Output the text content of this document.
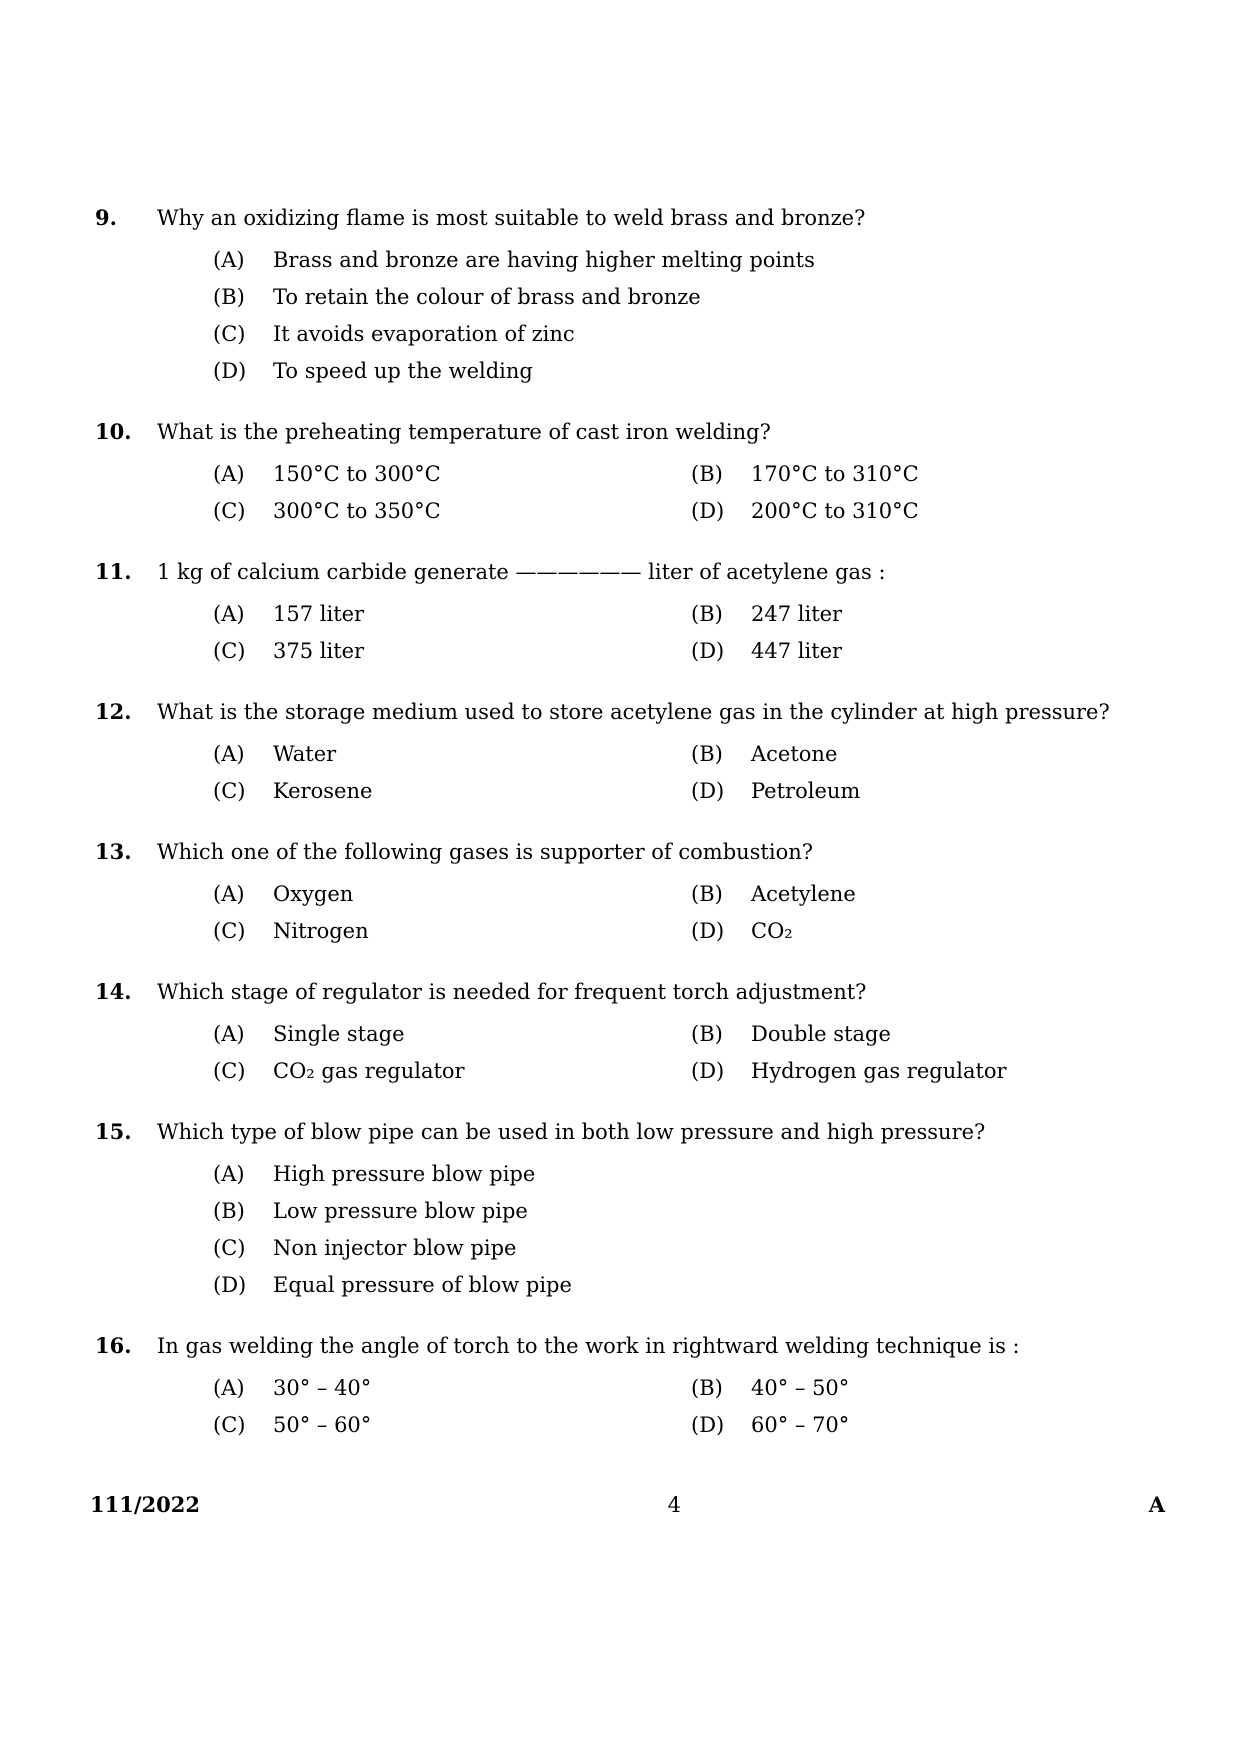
9.	Why an oxidizing flame is most suitable to weld brass and bronze?
(A)	Brass and bronze are having higher melting points
(B)	To retain the colour of brass and bronze
(C)	It avoids evaporation of zinc
(D)	To speed up the welding
10.	What is the preheating temperature of cast iron welding?
(A)	150°C to 300°C	(B)	170°C to 310°C
(C)	300°C to 350°C	(D)	200°C to 310°C
11.	1 kg of calcium carbide generate —————— liter of acetylene gas :
(A)	157 liter	(B)	247 liter
(C)	375 liter	(D)	447 liter
12.	What is the storage medium used to store acetylene gas in the cylinder at high pressure?
(A)	Water	(B)	Acetone
(C)	Kerosene	(D)	Petroleum
13.	Which one of the following gases is supporter of combustion?
(A)	Oxygen	(B)	Acetylene
(C)	Nitrogen	(D)	CO₂
14.	Which stage of regulator is needed for frequent torch adjustment?
(A)	Single stage	(B)	Double stage
(C)	CO₂ gas regulator	(D)	Hydrogen gas regulator
15.	Which type of blow pipe can be used in both low pressure and high pressure?
(A)	High pressure blow pipe
(B)	Low pressure blow pipe
(C)	Non injector blow pipe
(D)	Equal pressure of blow pipe
16.	In gas welding the angle of torch to the work in rightward welding technique is :
(A)	30° – 40°	(B)	40° – 50°
(C)	50° – 60°	(D)	60° – 70°
111/2022	4	A
